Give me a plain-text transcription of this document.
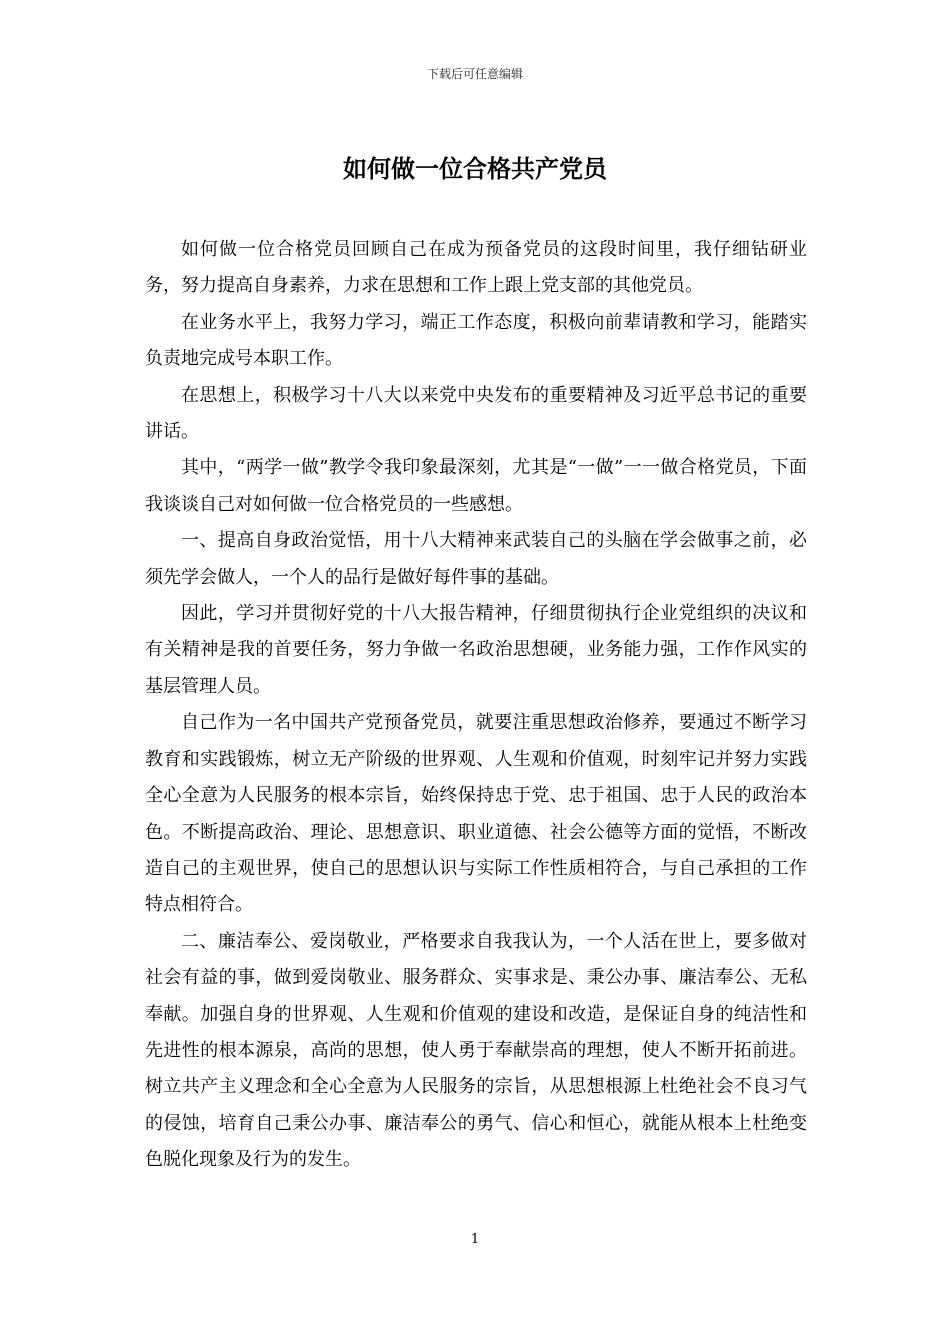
下载后可任意编辑
如何做一位合格共产党员

如何做一位合格党员回顾自己在成为预备党员的这段时间里，我仔细钻研业务，努力提高自身素养，力求在思想和工作上跟上党支部的其他党员。

在业务水平上，我努力学习，端正工作态度，积极向前辈请教和学习，能踏实负责地完成号本职工作。

在思想上，积极学习十八大以来党中央发布的重要精神及习近平总书记的重要讲话。

其中，“两学一做”教学令我印象最深刻，尤其是“一做”一一做合格党员，下面我谈谈自己对如何做一位合格党员的一些感想。

一、提高自身政治觉悟，用十八大精神来武装自己的头脑在学会做事之前，必须先学会做人，一个人的品行是做好每件事的基础。

因此，学习并贯彻好党的十八大报告精神，仔细贯彻执行企业党组织的决议和有关精神是我的首要任务，努力争做一名政治思想硬，业务能力强，工作作风实的基层管理人员。

自己作为一名中国共产党预备党员，就要注重思想政治修养，要通过不断学习教育和实践锻炼，树立无产阶级的世界观、人生观和价值观，时刻牢记并努力实践全心全意为人民服务的根本宗旨，始终保持忠于党、忠于祖国、忠于人民的政治本色。不断提高政治、理论、思想意识、职业道德、社会公德等方面的觉悟，不断改造自己的主观世界，使自己的思想认识与实际工作性质相符合，与自己承担的工作特点相符合。

二、廉洁奉公、爱岗敬业，严格要求自我我认为，一个人活在世上，要多做对社会有益的事，做到爱岗敬业、服务群众、实事求是、秉公办事、廉洁奉公、无私奉献。加强自身的世界观、人生观和价值观的建设和改造，是保证自身的纯洁性和先进性的根本源泉，高尚的思想，使人勇于奉献崇高的理想，使人不断开拓前进。树立共产主义理念和全心全意为人民服务的宗旨，从思想根源上杜绝社会不良习气的侵蚀，培育自己秉公办事、廉洁奉公的勇气、信心和恒心，就能从根本上杜绝变色脱化现象及行为的发生。

1
